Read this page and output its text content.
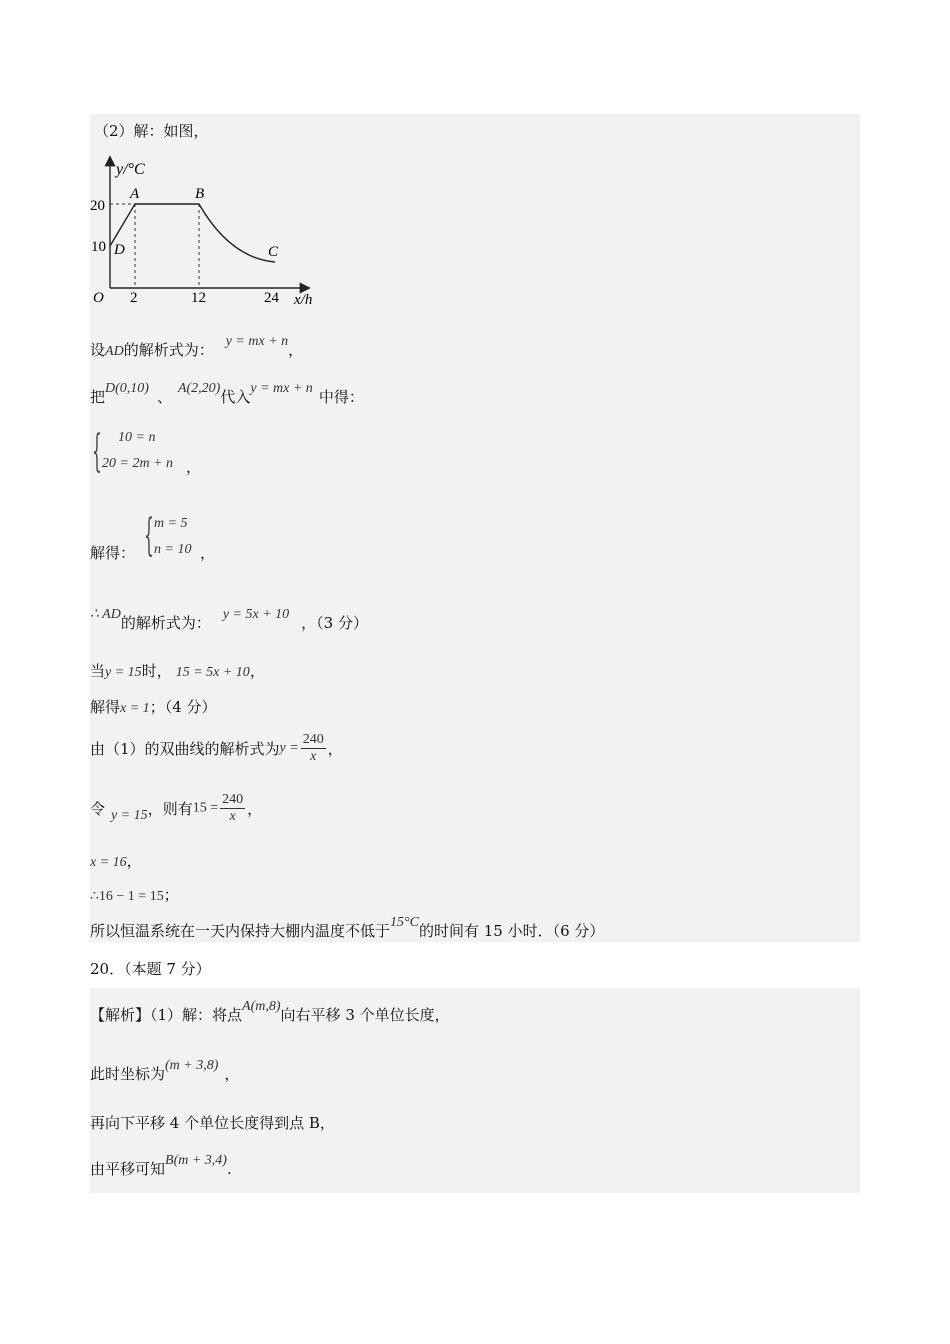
（2）解：如图，
y/°C
x/h
O 2	12	24
20
10
A	B
C
D
设AD的解析式为： y = mx + n，
把D(0,10) 、 A(2,20)代入y = mx + n 中得：
{ 10 = n
20 = 2m + n ，
解得： { m = 5
n = 10 ，
∴ AD的解析式为： y = 5x + 10 ，（3 分）
当y = 15时， 15 = 5x + 10，
解得x = 1；（4 分）
由（1）的双曲线的解析式为$y = \frac{240}{x}$ ，
令 y = 15，则有$15 = \frac{240}{x}$ ，
x = 16，
∴16 − 1 = 15；
所以恒温系统在一天内保持大棚内温度不低于15°C的时间有 15 小时．（6 分）
20．（本题 7 分）
【解析】（1）解：将点A(m,8)向右平移 3 个单位长度，
此时坐标为(m + 3,8) ，
再向下平移 4 个单位长度得到点 B，
由平移可知B(m + 3,4).
